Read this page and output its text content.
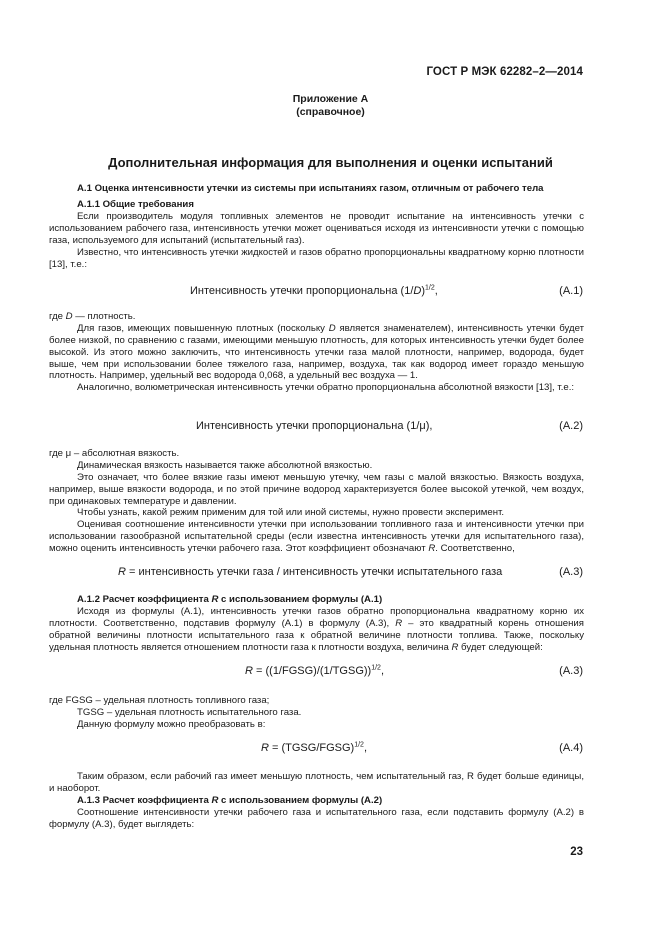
ГОСТ Р МЭК 62282–2—2014
Приложение А
(справочное)
Дополнительная информация для выполнения и оценки испытаний
А.1 Оценка интенсивности утечки из системы при испытаниях газом, отличным от рабочего тела
А.1.1 Общие требования

Если производитель модуля топливных элементов не проводит испытание на интенсивность утечки с использованием рабочего газа, интенсивность утечки может оцениваться исходя из интенсивности утечки с помощью газа, используемого для испытаний (испытательный газ).

Известно, что интенсивность утечки жидкостей и газов обратно пропорциональны квадратному корню плотности [13], т.е.:

Интенсивность утечки пропорциональна $(1/D)^{1/2}$,	(A.1)
где D — плотность.

Для газов, имеющих повышенную плотных (поскольку D является знаменателем), интенсивность утечки будет более низкой, по сравнению с газами, имеющими меньшую плотность, для которых интенсивность утечки будет более высокой. Из этого можно заключить, что интенсивность утечки газа малой плотности, например, водорода, будет выше, чем при использовании более тяжелого газа, например, воздуха, так как водород имеет гораздо меньшую плотность. Например, удельный вес водорода 0,068, а удельный вес воздуха — 1.

Аналогично, волюметрическая интенсивность утечки обратно пропорциональна абсолютной вязкости [13], т.е.:

Интенсивность утечки пропорциональна (1/μ),	(A.2)
где μ – абсолютная вязкость.
Динамическая вязкость называется также абсолютной вязкостью.

Это означает, что более вязкие газы имеют меньшую утечку, чем газы с малой вязкостью. Вязкость воздуха, например, выше вязкости водорода, и по этой причине водород характеризуется более высокой утечкой, чем воздух, при одинаковых температуре и давлении.

Чтобы узнать, какой режим применим для той или иной системы, нужно провести эксперимент.

Оценивая соотношение интенсивности утечки при использовании топливного газа и интенсивности утечки при использовании газообразной испытательной среды (если известна интенсивность утечки для испытательного газа), можно оценить интенсивность утечки рабочего газа. Этот коэффициент обозначают R. Соответственно,

R = интенсивность утечки газа / интенсивность утечки испытательного газа	(A.3)
А.1.2 Расчет коэффициента R с использованием формулы (А.1)

Исходя из формулы (А.1), интенсивность утечки газов обратно пропорциональна квадратному корню их плотности. Соответственно, подставив формулу (А.1) в формулу (А.3), R – это квадратный корень отношения обратной величины плотности испытательного газа к обратной величине плотности топлива. Также, поскольку удельная плотность является отношением плотности газа к плотности воздуха, величина R будет следующей:

R = ((1/FGSG)/(1/TGSG))$^{1/2}$,	(A.3)
где FGSG – удельная плотность топливного газа;
TGSG – удельная плотность испытательного газа.
Данную формулу можно преобразовать в:
R = (TGSG/FGSG)$^{1/2}$,	(A.4)

Таким образом, если рабочий газ имеет меньшую плотность, чем испытательный газ, R будет больше единицы, и наоборот.

А.1.3 Расчет коэффициента R с использованием формулы (А.2)

Соотношение интенсивности утечки рабочего газа и испытательного газа, если подставить формулу (А.2) в формулу (А.3), будет выглядеть:

23
